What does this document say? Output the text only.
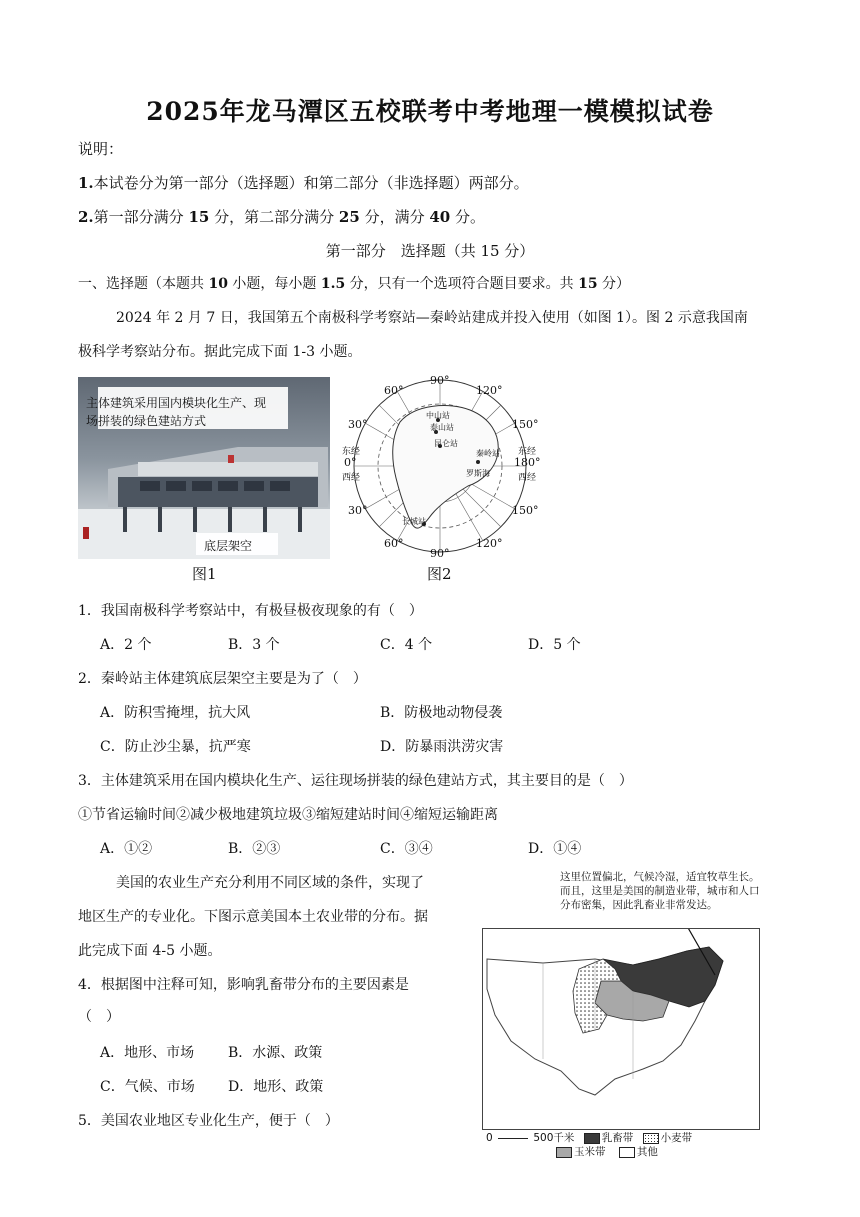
2025年龙马潭区五校联考中考地理一模模拟试卷
说明：
1.本试卷分为第一部分（选择题）和第二部分（非选择题）两部分。
2.第一部分满分 15 分，第二部分满分 25 分，满分 40 分。
第一部分　选择题（共 15 分）
一、选择题（本题共 10 小题，每小题 1.5 分，只有一个选项符合题目要求。共 15 分）
2024 年 2 月 7 日，我国第五个南极科学考察站—秦岭站建成并投入使用（如图 1）。图 2 示意我国南
极科学考察站分布。据此完成下面 1-3 小题。
主体建筑采用国内模块化生产、现场拼装的绿色建站方式
底层架空
图1
90°
60°	120°
30°	150°
东经
0°
西经
东经
180°
西经
30°	150°
60°
90°
120°
中山站
泰山站
昆仑站
秦岭站
罗斯海
长城站
图2
1．我国南极科学考察站中，有极昼极夜现象的有（　）
A．2 个	B．3 个	C．4 个	D．5 个
2．秦岭站主体建筑底层架空主要是为了（　）
A．防积雪掩埋，抗大风	B．防极地动物侵袭
C．防止沙尘暴，抗严寒	D．防暴雨洪涝灾害
3．主体建筑采用在国内模块化生产、运往现场拼装的绿色建站方式，其主要目的是（　）
①节省运输时间②减少极地建筑垃圾③缩短建站时间④缩短运输距离
A．①②	B．②③	C．③④	D．①④
美国的农业生产充分利用不同区域的条件，实现了
地区生产的专业化。下图示意美国本土农业带的分布。据
此完成下面 4-5 小题。
4．根据图中注释可知，影响乳畜带分布的主要因素是
（　）
A．地形、市场 B．水源、政策
C．气候、市场 D．地形、政策
5．美国农业地区专业化生产，便于（　）
这里位置偏北，气候冷湿，适宜牧草生长。而且，这里是美国的制造业带，城市和人口分布密集，因此乳畜业非常发达。
0	500千米	乳畜带	小麦带
玉米带	其他
